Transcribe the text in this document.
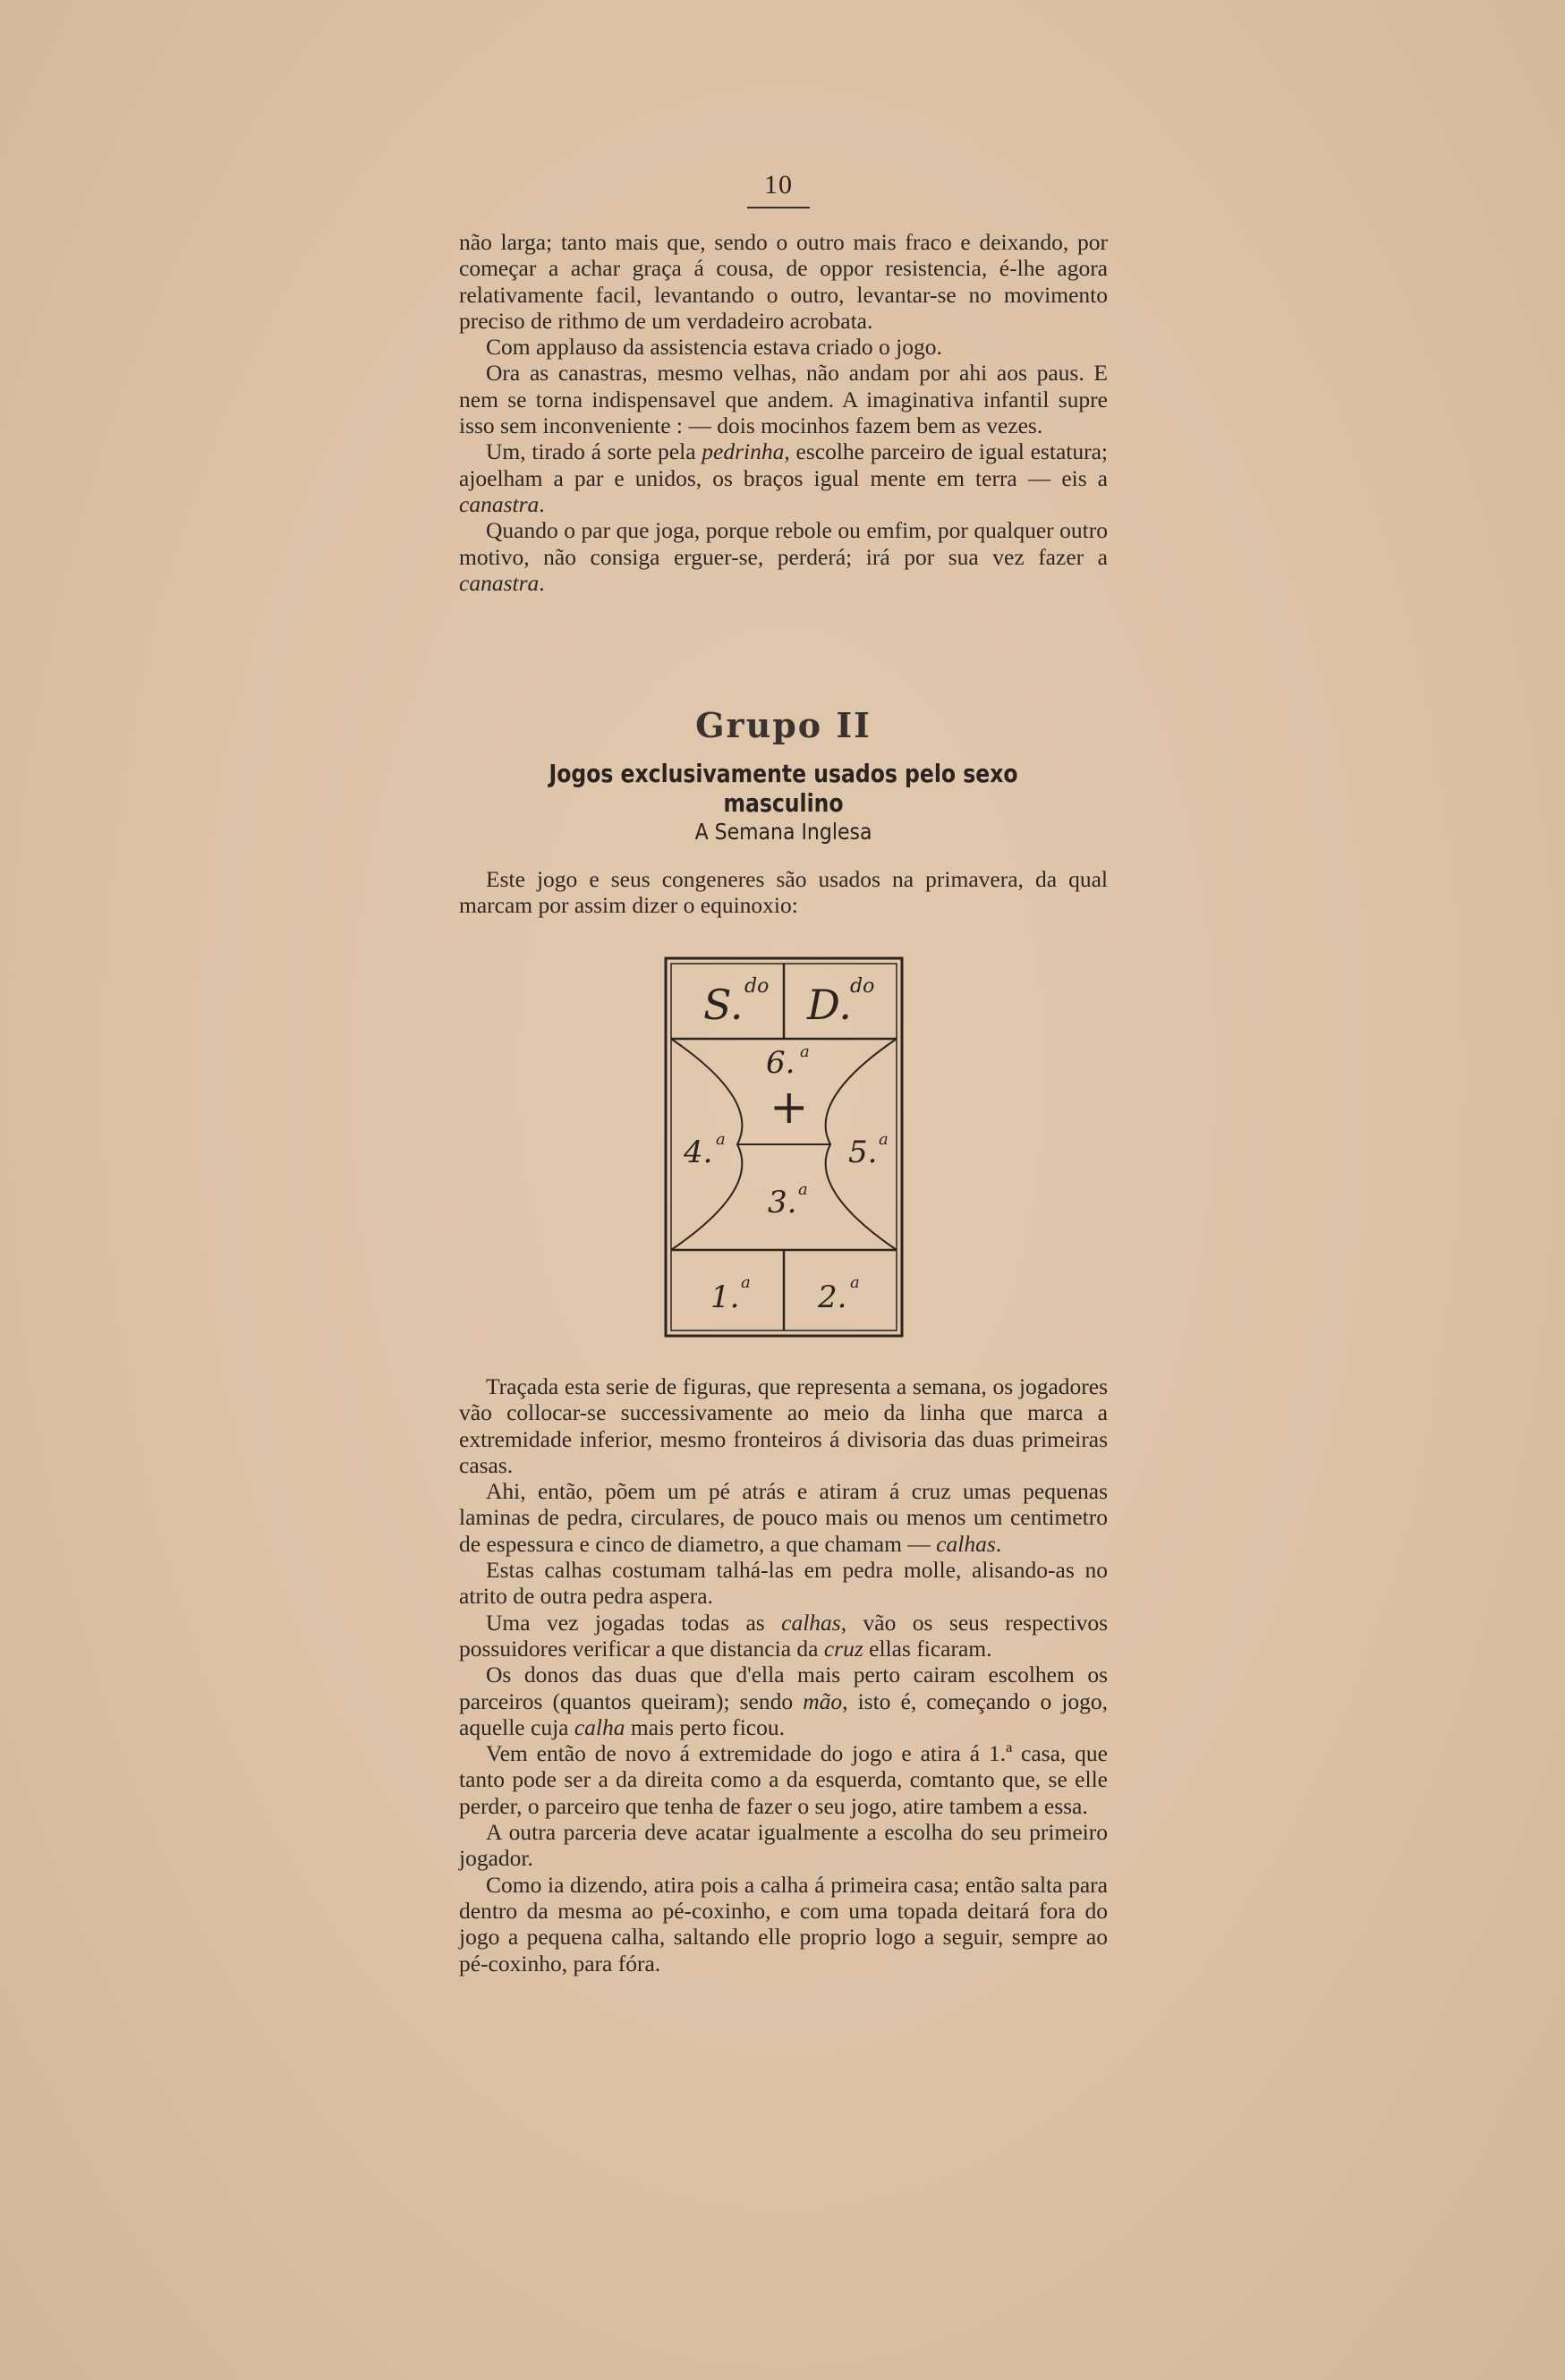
10

não larga; tanto mais que, sendo o outro mais fraco e deixando, por começar a achar graça á cousa, de oppor resistencia, é-lhe agora relativamente facil, levantando o outro, levantar-se no movimento preciso de rithmo de um verdadeiro acrobata.

Com applauso da assistencia estava criado o jogo.

Ora as canastras, mesmo velhas, não andam por ahi aos paus. E nem se torna indispensavel que andem. A imaginativa infantil supre isso sem inconveniente : — dois mocinhos fazem bem as vezes.

Um, tirado á sorte pela pedrinha, escolhe parceiro de igual estatura; ajoelham a par e unidos, os braços igual mente em terra — eis a canastra.

Quando o par que joga, porque rebole ou emfim, por qualquer outro motivo, não consiga erguer-se, perderá; irá por sua vez fazer a canastra.

Grupo II
Jogos exclusivamente usados pelo sexo masculino
A Semana Inglesa

Este jogo e seus congeneres são usados na primavera, da qual marcam por assim dizer o equinoxio:

S. do D.
do
6. a
+
4. a	5. a
3. a
1. a 2. a

Traçada esta serie de figuras, que representa a semana, os jogadores vão collocar-se successivamente ao meio da linha que marca a extremidade inferior, mesmo fronteiros á divisoria das duas primeiras casas.

Ahi, então, põem um pé atrás e atiram á cruz umas pequenas laminas de pedra, circulares, de pouco mais ou menos um centimetro de espessura e cinco de diametro, a que chamam — calhas.

Estas calhas costumam talhá-las em pedra molle, alisando-as no atrito de outra pedra aspera.

Uma vez jogadas todas as calhas, vão os seus respectivos possuidores verificar a que distancia da cruz ellas ficaram.

Os donos das duas que d'ella mais perto cairam escolhem os parceiros (quantos queiram); sendo mão, isto é, começando o jogo, aquelle cuja calha mais perto ficou.

Vem então de novo á extremidade do jogo e atira á 1.ª casa, que tanto pode ser a da direita como a da esquerda, comtanto que, se elle perder, o parceiro que tenha de fazer o seu jogo, atire tambem a essa.

A outra parceria deve acatar igualmente a escolha do seu primeiro jogador.

Como ia dizendo, atira pois a calha á primeira casa; então salta para dentro da mesma ao pé-coxinho, e com uma topada deitará fora do jogo a pequena calha, saltando elle proprio logo a seguir, sempre ao pé-coxinho, para fóra.
